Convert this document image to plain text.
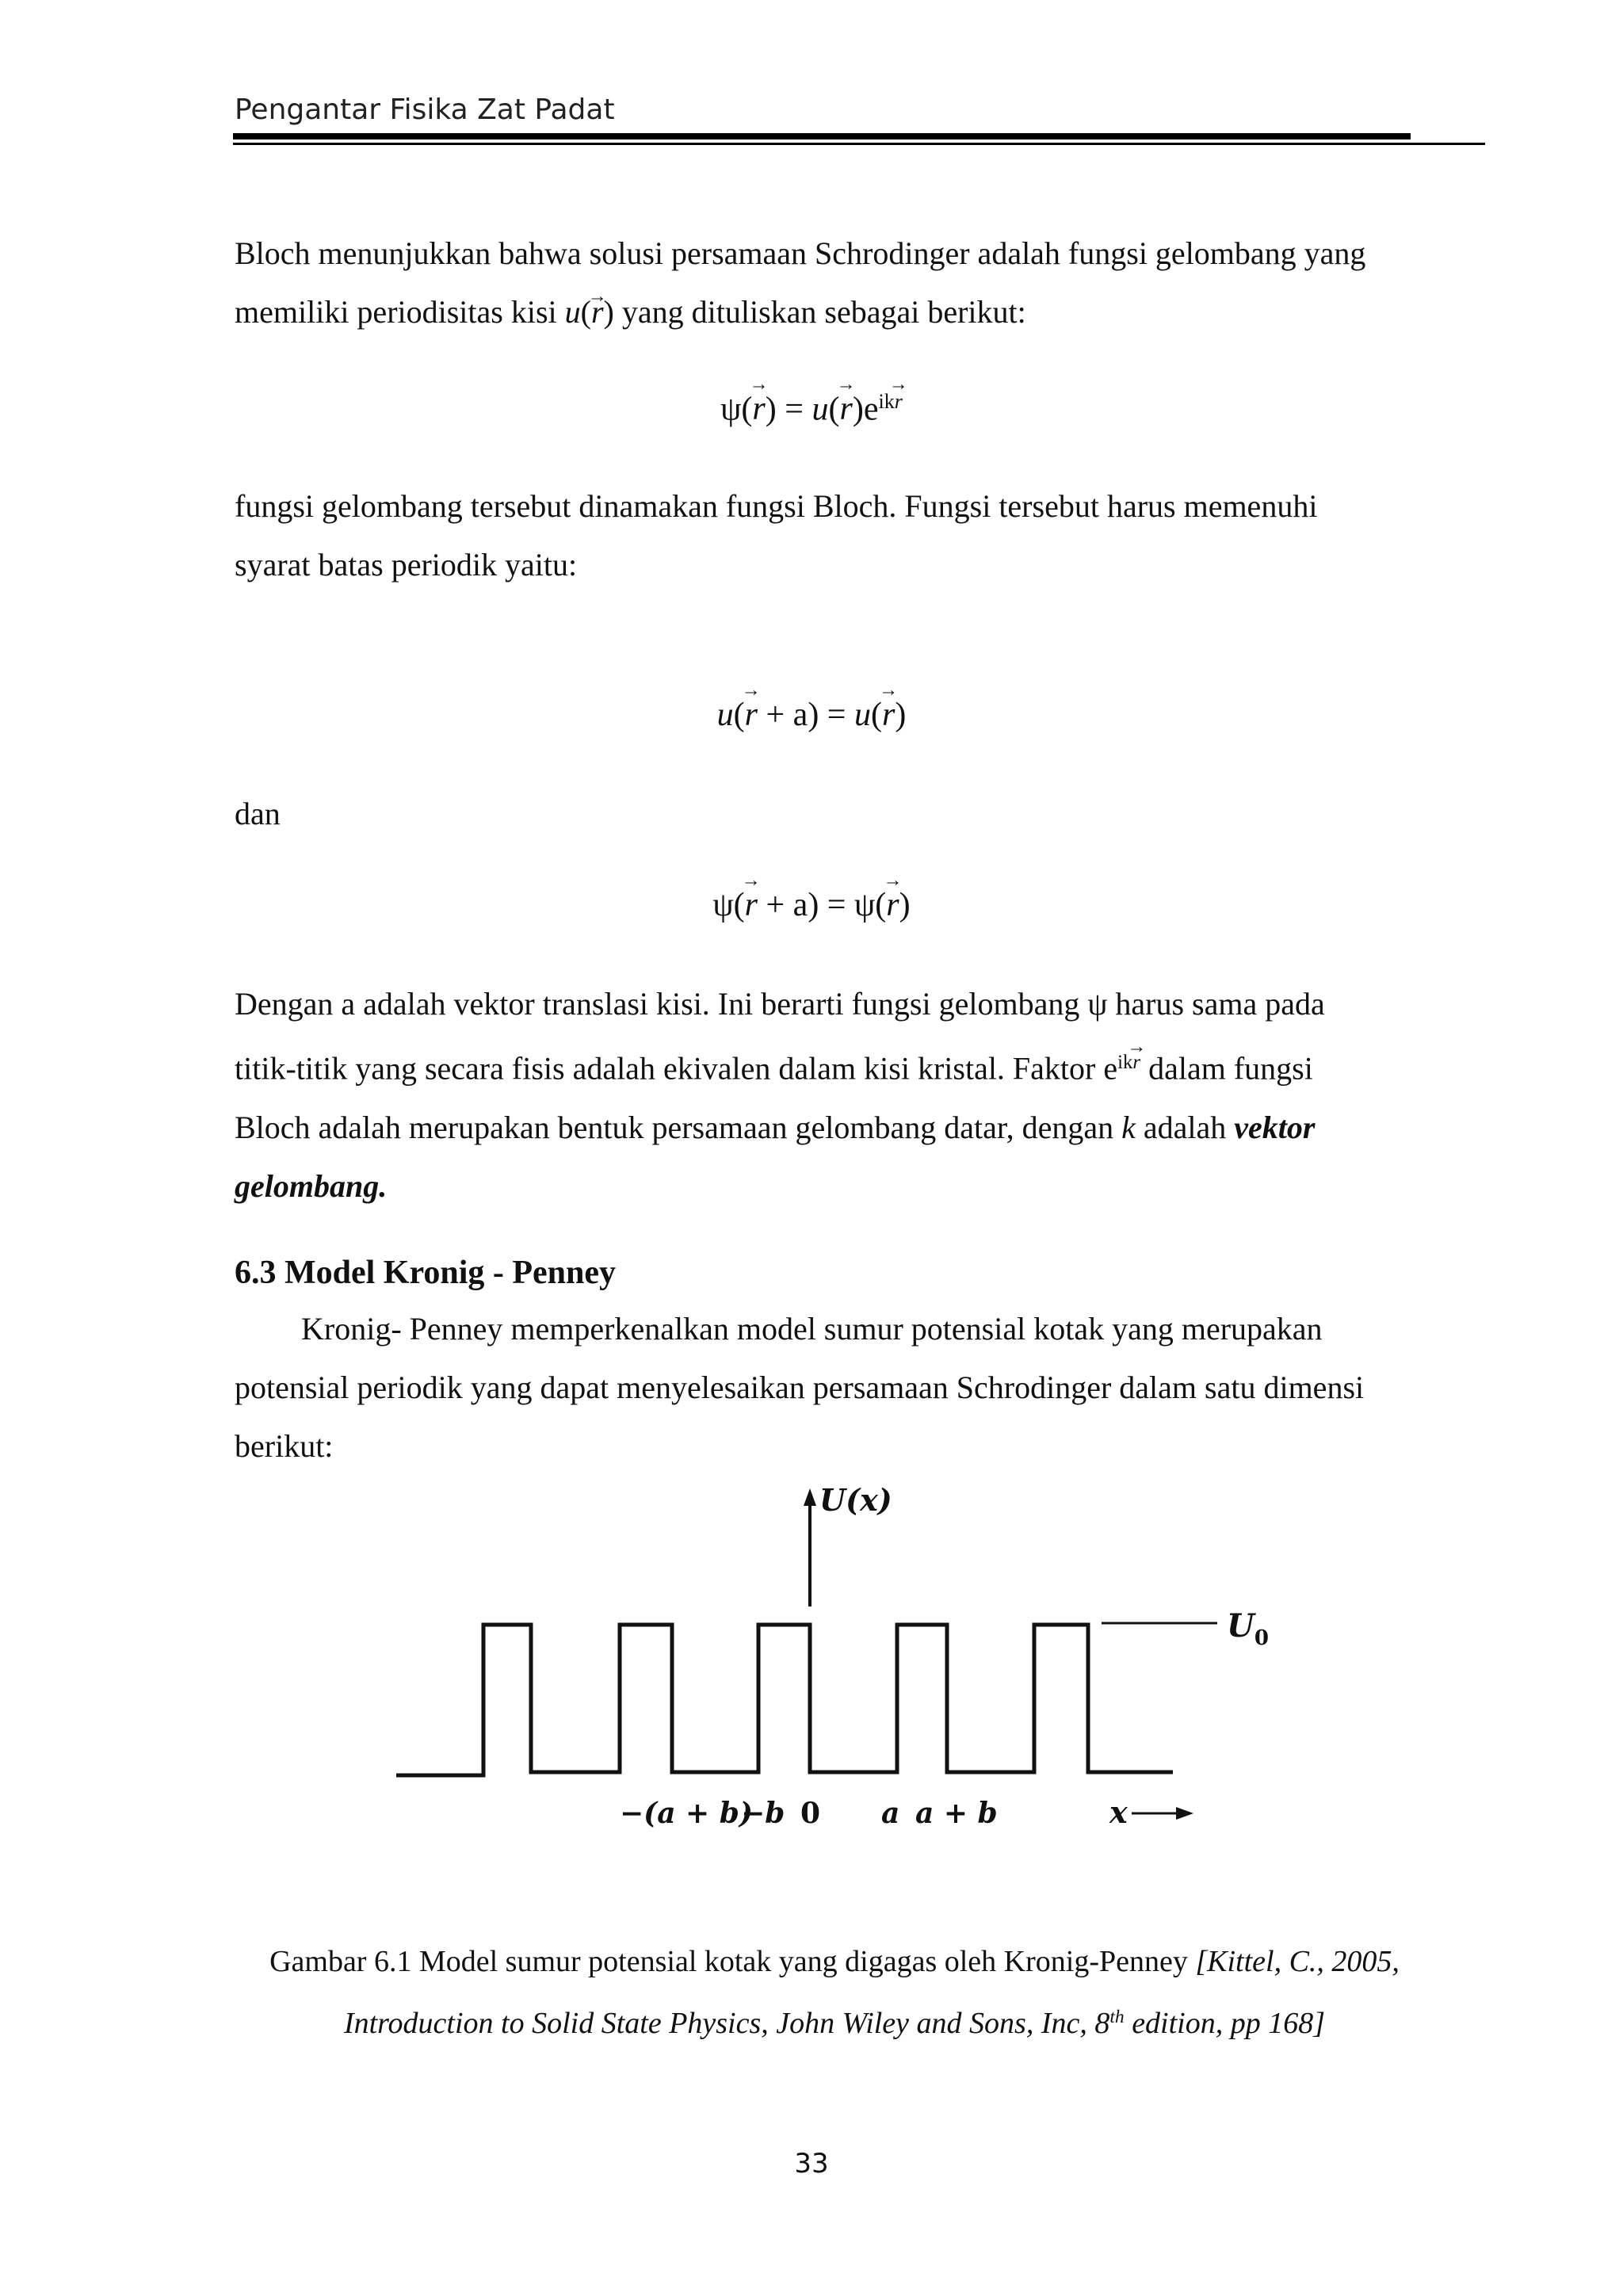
Pengantar Fisika Zat Padat
Bloch menunjukkan bahwa solusi persamaan Schrodinger adalah fungsi gelombang yang
memiliki periodisitas kisi u(→ r) yang dituliskan sebagai berikut:
$\psi(\to r) = u(\to r)e^{ik\to r}$
fungsi gelombang tersebut dinamakan fungsi Bloch. Fungsi tersebut harus memenuhi
syarat batas periodik yaitu:
u(→ r + a) = u(→ r)
dan
ψ(→ r + a) = ψ(→ r)
Dengan a adalah vektor translasi kisi. Ini berarti fungsi gelombang ψ harus sama pada
titik-titik yang secara fisis adalah ekivalen dalam kisi kristal. Faktor $e^{ik\to r}$ dalam fungsi
Bloch adalah merupakan bentuk persamaan gelombang datar, dengan k adalah vektor
gelombang.
6.3 Model Kronig - Penney
Kronig- Penney memperkenalkan model sumur potensial kotak yang merupakan
potensial periodik yang dapat menyelesaikan persamaan Schrodinger dalam satu dimensi
berikut:
U(x)
$U_0$
−(a + b)
−b 0 a a + b	x
Gambar 6.1 Model sumur potensial kotak yang digagas oleh Kronig-Penney [Kittel, C., 2005,
Introduction to Solid State Physics, John Wiley and Sons, Inc, 8th edition, pp 168]
33
